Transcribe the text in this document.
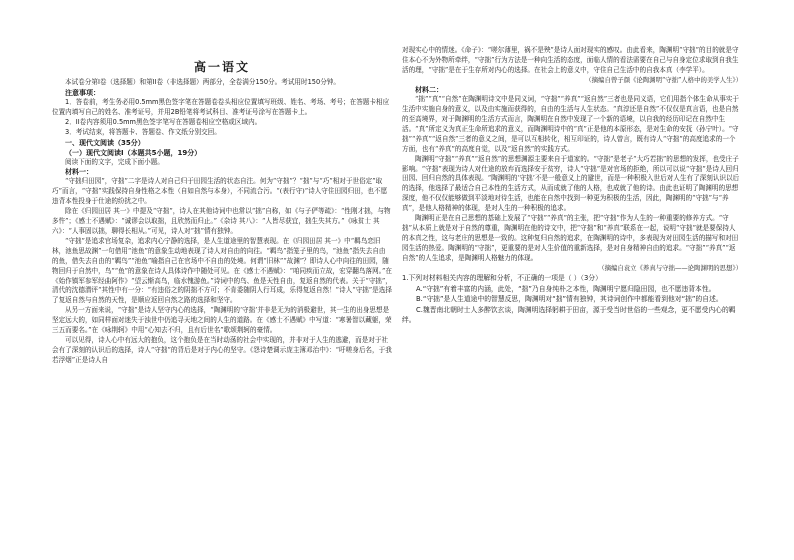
高一语文

本试卷分第I卷（选择题）和第II卷（非选择题）两部分，全卷满分150分。考试用时150分钟。

注意事项：

1．答卷前，考生务必用0.5mm黑色签字笔在答题卷卷头相应位置填写班级、姓名、考场、考号；在答题卡相应位置内填写自己的姓名、准考证号，并用2B铅笔将考试科目、准考证号涂写在答题卡上。

2．II卷内容须用0.5mm黑色签字笔写在答题卷相应空格或区域内。

3．考试结束，将答题卡、答题卷、作文纸分别交回。

一、现代文阅读（35分）

（一）现代文阅读I（本题共5小题，19分）

阅读下面的文字，完成下面小题。

材料一：

“守拙归田园”，守拙”二字是诗人对自己归于田园生活的状态自注。何为“守拙”？“拙”与“巧”相对于世俗定”取巧”而言，“守拙”实践保持自身性格之本性（自如自然与本身），不同流合污。“(表行守)”诗人守住田园归田，也不愿违背本性投身于仕途的纷扰之中。

除在《归园田居 其一》中提及“守拙”，诗人在其他诗词中也常以“拙”自称，如《与子俨等疏》：“性刚才拙，与物多忤”；《感士不遇赋》：“诚谬会以取拙，且欣然而归止。”《杂诗 其八》：“人皆尽获宜，拙生失其方。”《咏贫士 其六》：“人事固以拙，聊得长相从。”可见，诗人对“拙”情有独钟。

“守拙”是追求官场复杂，追求内心宁静的选择，是人生道途里的智慧表现。在《归园田居 其一》中“羁鸟恋旧林，池鱼思故渊”一句借用“池鱼”的意象生动地表现了诗人对自由的向往。“羁鸟”指笼子里的鸟，“池鱼”指失去自由的鱼，借失去自由的“羁鸟”“池鱼”喻指自己在官场中不自由的处境。何谓“旧林”“故渊”？即诗人心中向往的田园，随物回归于自然中，鸟”“鱼”的意象在诗人具体诗作中随处可见。在《感士不遇赋》：“咱同疾而立故，宏穿翻鸟落网。”在《始作镇军参军经曲阿作》“望云惭高鸟，临水愧游鱼。”诗词中的鸟、鱼是天性自由，复返自然的代表。关于“守拙”，清代的沈德潜评“其性中有一分：“有违俗之的阴拙不方可；不肯委随阴人行耳成，乐得复返自然！”诗人“守拙”是选择了复返自然与自然的天性，是顺应返回自然之路的选择和坚守。

从另一方面来说，“守拙”是诗人坚守内心的选择，“陶渊明的‘守拙’并非是无为的消极避世，其一生的出身思想是坚定远大的，如同样面对迷失于浊世中仍追寻天地之间的人生的道路。在《感士不遇赋》中写道：“寒暑智以藏躯，荣三五而要名。”在《咏荆轲》中用“心知去不归，且有后世名”歌颂荆轲的豪情。

可以见得，诗人心中有远大的抱负，这个抱负是在当时动荡的社会中实现的，并非对于人生的逃避，而是对于社会有了深刻的认识后的选择，诗人“守拙”的背后是对于内心的坚守。《怨诗楚调示庞主簿邓治中》：“吁嗟身后名，于我若浮烟”正是诗人自

对现实心中的情迷。《命子》：“嗟尔薄里，祸不是殃”是诗人面对现实的感叹。由此看来，陶渊明“守拙”的目的就是守住本心不为外物所牵绊，“守拙”行为方法是一种向生活的态度，面临人情的看法需要在自己与自身定位求取到自我生活的理，“守拙”是在于生存所对内心的选择。在社会上的意义中，守住自己生活中的自我本真（李学平）。

（摘编自曾子颜《论陶渊明“守拙”人格中的美学人生》）

材料二：

“拙”“真”“自然”在陶渊明诗文中是同义词，“守拙”“养真”“返自然”三者也是同义语，它们用指个体生命从事实于生活中实施自身的意义，以及由实施而获得的，自由的生活与人生状态。“真淳还是自然”不仅仅是真言语，也是自然的至高境界，对于陶渊明的生活方式而言，陶渊明在自然中发现了一个新的语境，以自我的经历印记在自然中生活。“真”所定义为真正生命所追求的意义，而陶渊明诗中的“真”正是他的本原形态，是对生命的安抚（孙宁叶）。“守拙”“养真”“返自然”三者的意义之间，是可以互相转化，相互印证的，诗人曾言，既有诗人“守拙”的高度追求的一个方面，也有“养真”的高度自觉，以及“返自然”的实践方式。

陶渊明“守拙”“养真”“返自然”的思想渊源主要来自于道家的。“守拙”是老子“大巧若拙”的思想的发挥，也受庄子影响。“守拙”表现为诗人对仕途的放弃而选择安于贫穷，诗人“守拙”是对官场的拒绝，所以可以说“守拙”是诗人回归田园、回归自然的具体表现。“陶渊明的‘守拙’不是一般意义上的避世，而是一种积极入世后对人生有了深刻认识以后的选择，他选择了最适合自己本性的生活方式，从而成就了他的人格，也成就了他的诗。由此也证明了陶渊明的思想深度，他不仅仅能够做到平淡地对待生活，也能在自然中找到一种更为积极的生活，因此，陶渊明的“守拙”与“养真”，是他人格精神的体现，是对人生的一种积极的追求。

陶渊明正是在自己思想的基础上发展了“守拙”“养真”的主张，把“守拙”作为人生的一种重要的修养方式。“守拙”从本质上就是对于自然的尊重，陶渊明在他的诗文中，把“守拙”和“养真”联系在一起，说明“守拙”就是要保持人的本真之性，这与老庄的思想是一致的。这种复归自然的追求，在陶渊明的诗中，多表现为对田园生活的描写和对田园生活的热爱。陶渊明的“守拙”，更重要的是对人生价值的重新选择，是对自身精神自由的追求。“守拙”“养真”“返自然”的人生追求，是陶渊明人格魅力的体现。

（摘编自袁立《养真与守拙——论陶渊明的思想》）

1.下列对材料相关内容的理解和分析，不正确的一项是（ ）（3分）

A.“守拙”有着丰富的内涵，此处，“拙”乃自身纯朴之本性，陶渊明宁愿归隐田园，也不愿违背本性。

B.“守拙”是人生道途中的智慧反思，陶渊明对“拙”情有独钟，其诗词创作中都能看到他对“拙”的自述。

C.魏晋南北朝时士人多醉饮玄谈，陶渊明选择躬耕于田亩，源于受当时世俗的一些观念，更不愿受内心的羁绊。
